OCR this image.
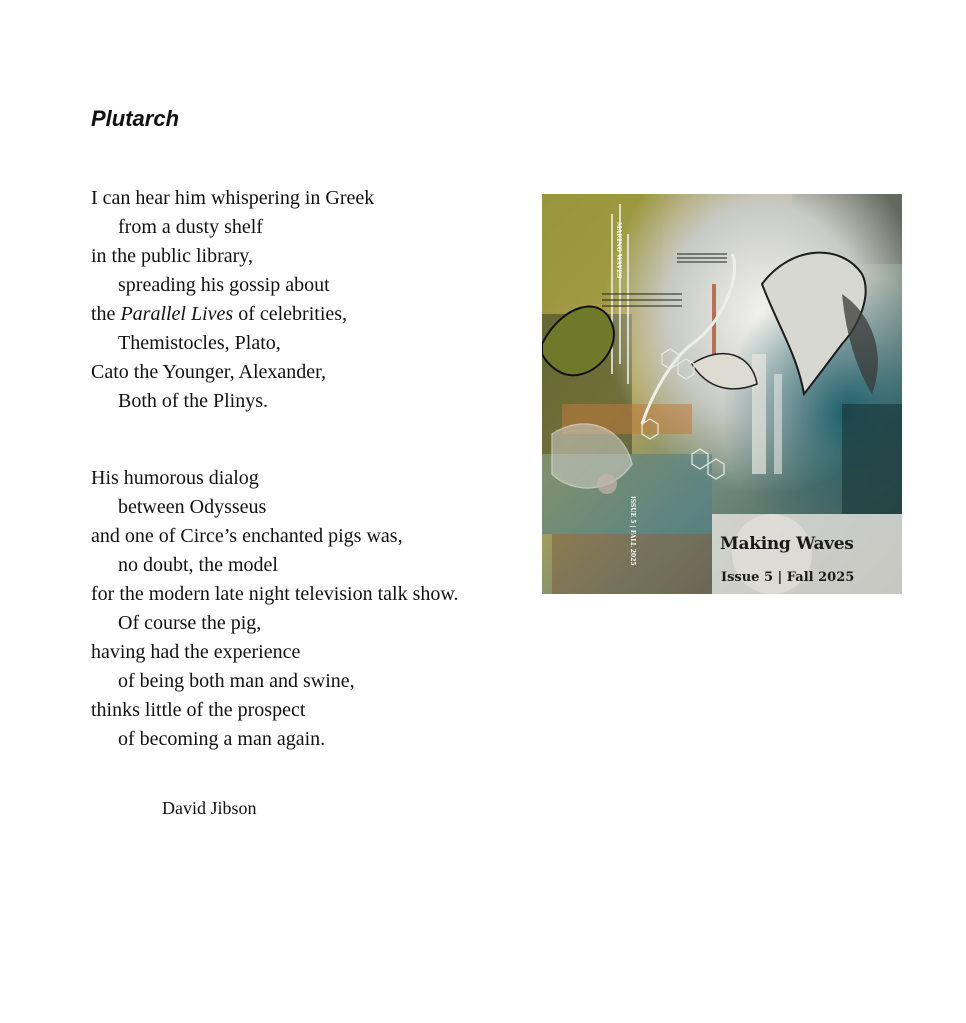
Plutarch
I can hear him whispering in Greek
from a dusty shelf
in the public library,
spreading his gossip about
the Parallel Lives of celebrities,
Themistocles, Plato,
Cato the Younger, Alexander,
Both of the Plinys.
His humorous dialog
between Odysseus
and one of Circe’s enchanted pigs was,
no doubt, the model
for the modern late night television talk show.
Of course the pig,
having had the experience
of being both man and swine,
thinks little of the prospect
of becoming a man again.
David Jibson
MAKING WAVES
ISSUE 5 | FALL 2025	Making Waves
Issue 5 | Fall 2025
